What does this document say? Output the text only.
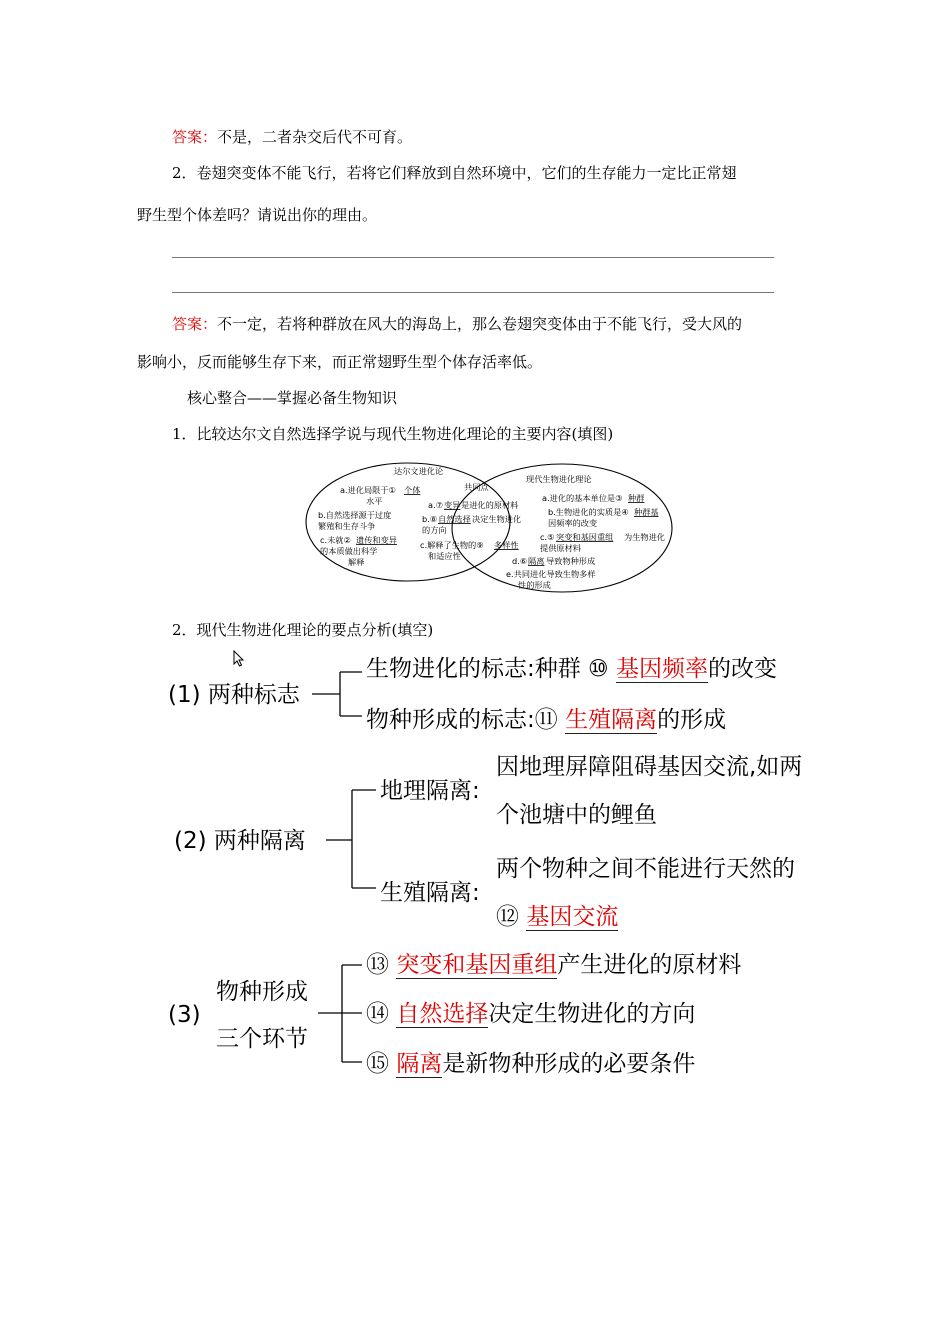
答案：不是，二者杂交后代不可育。
2．卷翅突变体不能飞行，若将它们释放到自然环境中，它们的生存能力一定比正常翅
野生型个体差吗？请说出你的理由。
答案：不一定，若将种群放在风大的海岛上，那么卷翅突变体由于不能飞行，受大风的
影响小，反而能够生存下来，而正常翅野生型个体存活率低。
核心整合——掌握必备生物知识
1．比较达尔文自然选择学说与现代生物进化理论的主要内容(填图)
达尔文进化论
a.进化局限于① 个体
水平
b.自然选择源于过度
繁殖和生存斗争
c.未就② 遗传和变异
的本质做出科学
解释
共同点
a.⑦ 变异 是进化的原材料
b.⑧ 自然选择 决定生物进化
的方向
c.解释了生物的⑨ 多样性
和适应性
现代生物进化理论
a.进化的基本单位是③ 种群
b.生物进化的实质是④ 种群基
因频率的改变
c.⑤ 突变和基因重组 为生物进化
提供原材料
d.⑥ 隔离 导致物种形成
e.共同进化导致生物多样
性的形成
2．现代生物进化理论的要点分析(填空)
(1) 两种标志
生物进化的标志:种群 ⑩ 基因频率的改变
物种形成的标志:⑪ 生殖隔离的形成
(2) 两种隔离
地理隔离:
因地理屏障阻碍基因交流,如两
个池塘中的鲤鱼
生殖隔离:
两个物种之间不能进行天然的
⑫ 基因交流
(3)
物种形成
三个环节
⑬ 突变和基因重组产生进化的原材料
⑭ 自然选择决定生物进化的方向
⑮ 隔离是新物种形成的必要条件
